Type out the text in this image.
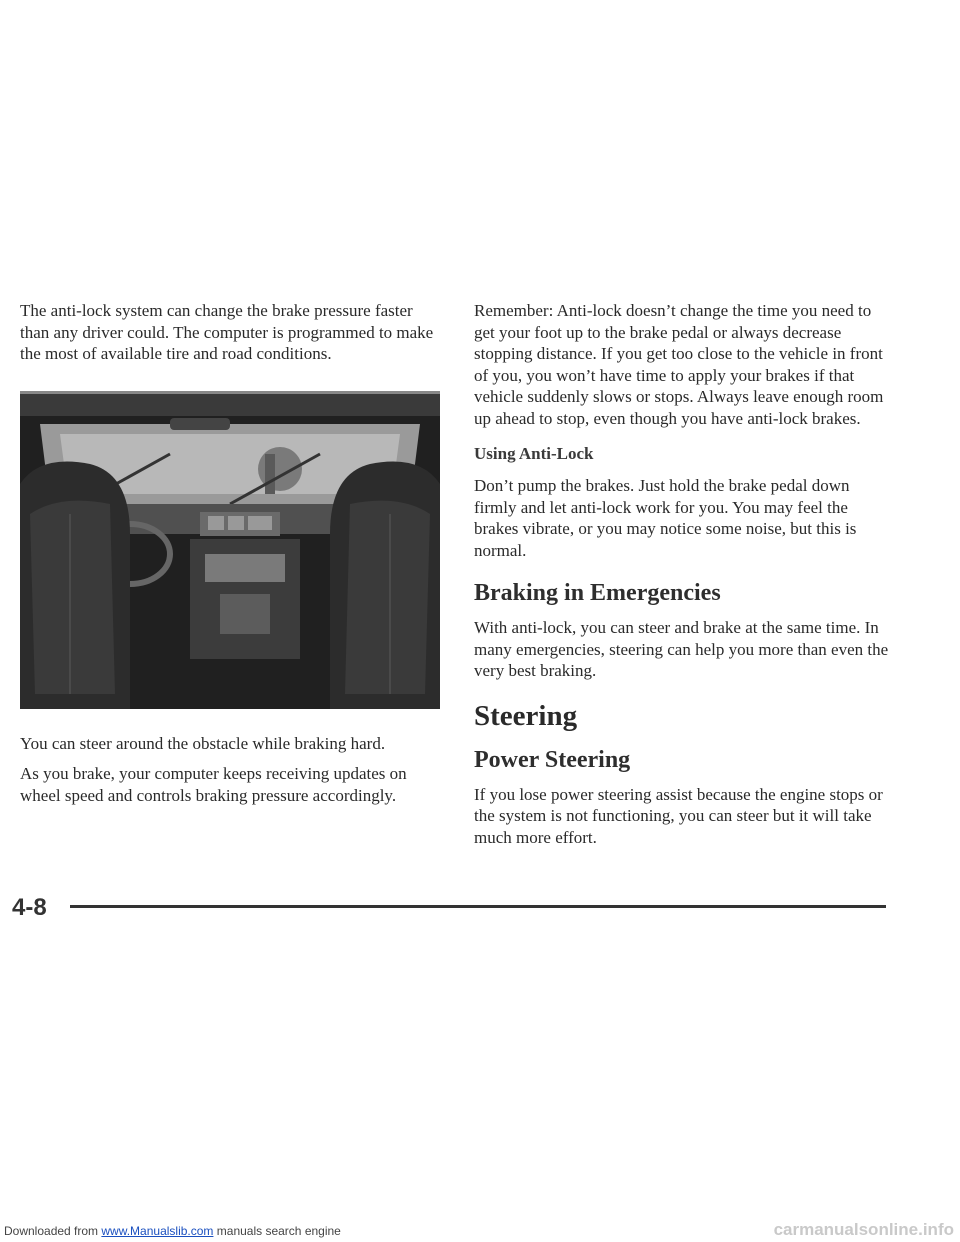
The anti-lock system can change the brake pressure faster than any driver could. The computer is programmed to make the most of available tire and road conditions.

You can steer around the obstacle while braking hard.

As you brake, your computer keeps receiving updates on wheel speed and controls braking pressure accordingly.

Remember: Anti-lock doesn’t change the time you need to get your foot up to the brake pedal or always decrease stopping distance. If you get too close to the vehicle in front of you, you won’t have time to apply your brakes if that vehicle suddenly slows or stops. Always leave enough room up ahead to stop, even though you have anti-lock brakes.

Using Anti-Lock

Don’t pump the brakes. Just hold the brake pedal down firmly and let anti-lock work for you. You may feel the brakes vibrate, or you may notice some noise, but this is normal.

Braking in Emergencies

With anti-lock, you can steer and brake at the same time. In many emergencies, steering can help you more than even the very best braking.

Steering
Power Steering

If you lose power steering assist because the engine stops or the system is not functioning, you can steer but it will take much more effort.

4-8
Downloaded from www.Manualslib.com manuals search engine	carmanualsonline.info
